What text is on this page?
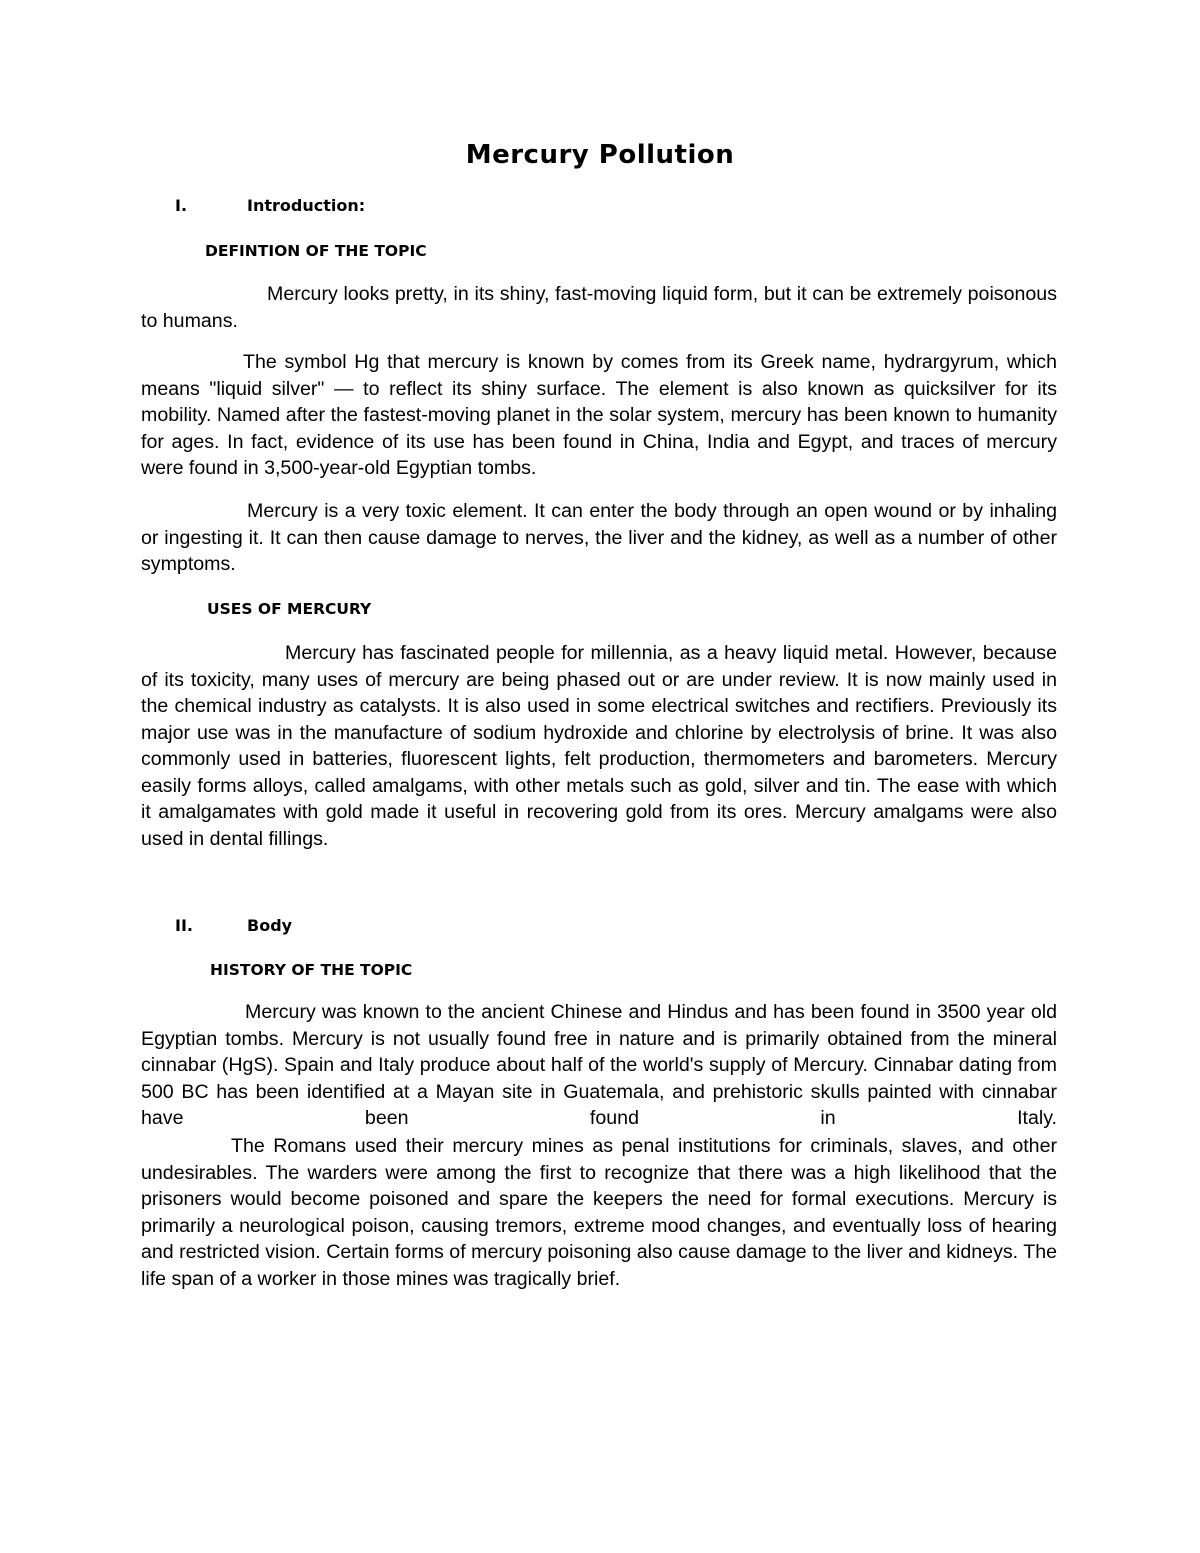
Mercury Pollution
I.	Introduction:
DEFINTION OF THE TOPIC

Mercury looks pretty, in its shiny, fast-moving liquid form, but it can be extremely poisonous to humans.

The symbol Hg that mercury is known by comes from its Greek name, hydrargyrum, which means "liquid silver" — to reflect its shiny surface. The element is also known as quicksilver for its mobility. Named after the fastest-moving planet in the solar system, mercury has been known to humanity for ages. In fact, evidence of its use has been found in China, India and Egypt, and traces of mercury were found in 3,500-year-old Egyptian tombs.

Mercury is a very toxic element. It can enter the body through an open wound or by inhaling or ingesting it. It can then cause damage to nerves, the liver and the kidney, as well as a number of other symptoms.

USES OF MERCURY

Mercury has fascinated people for millennia, as a heavy liquid metal. However, because of its toxicity, many uses of mercury are being phased out or are under review. It is now mainly used in the chemical industry as catalysts. It is also used in some electrical switches and rectifiers. Previously its major use was in the manufacture of sodium hydroxide and chlorine by electrolysis of brine. It was also commonly used in batteries, fluorescent lights, felt production, thermometers and barometers. Mercury easily forms alloys, called amalgams, with other metals such as gold, silver and tin. The ease with which it amalgamates with gold made it useful in recovering gold from its ores. Mercury amalgams were also used in dental fillings.

II.	Body
HISTORY OF THE TOPIC

Mercury was known to the ancient Chinese and Hindus and has been found in 3500 year old Egyptian tombs. Mercury is not usually found free in nature and is primarily obtained from the mineral cinnabar (HgS). Spain and Italy produce about half of the world's supply of Mercury. Cinnabar dating from 500 BC has been identified at a Mayan site in Guatemala, and prehistoric skulls painted with cinnabar have been found in Italy.

The Romans used their mercury mines as penal institutions for criminals, slaves, and other undesirables. The warders were among the first to recognize that there was a high likelihood that the prisoners would become poisoned and spare the keepers the need for formal executions. Mercury is primarily a neurological poison, causing tremors, extreme mood changes, and eventually loss of hearing and restricted vision. Certain forms of mercury poisoning also cause damage to the liver and kidneys. The life span of a worker in those mines was tragically brief.
